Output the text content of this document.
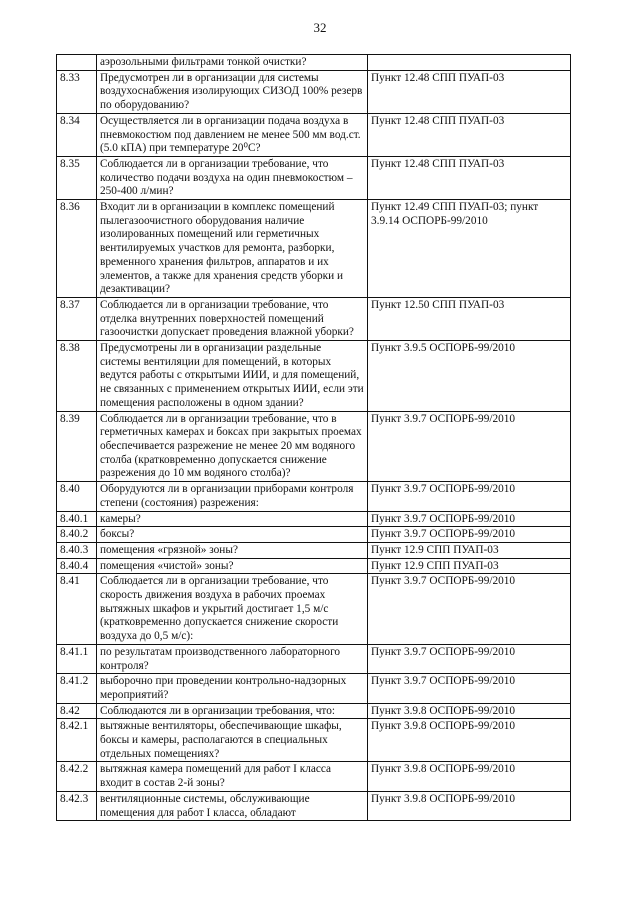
32
	аэрозольными фильтрами тонкой очистки?	
8.33	Предусмотрен ли в организации для системы воздухоснабжения изолирующих СИЗОД 100% резерв по оборудованию?	Пункт 12.48 СПП ПУАП-03
8.34	Осуществляется ли в организации подача воздуха в пневмокостюм под давлением не менее 500 мм вод.ст. (5.0 кПА) при температуре 20⁰С?	Пункт 12.48 СПП ПУАП-03
8.35	Соблюдается ли в организации требование, что количество подачи воздуха на один пневмокостюм – 250-400 л/мин?	Пункт 12.48 СПП ПУАП-03
8.36	Входит ли в организации в комплекс помещений пылегазоочистного оборудования наличие изолированных помещений или герметичных вентилируемых участков для ремонта, разборки, временного хранения фильтров, аппаратов и их элементов, а также для хранения средств уборки и дезактивации?	Пункт 12.49 СПП ПУАП-03; пункт 3.9.14 ОСПОРБ-99/2010
8.37	Соблюдается ли в организации требование, что отделка внутренних поверхностей помещений газоочистки допускает проведения влажной уборки?	Пункт 12.50 СПП ПУАП-03
8.38	Предусмотрены ли в организации раздельные системы вентиляции для помещений, в которых ведутся работы с открытыми ИИИ, и для помещений, не связанных с применением открытых ИИИ, если эти помещения расположены в одном здании?	Пункт 3.9.5 ОСПОРБ-99/2010
8.39	Соблюдается ли в организации требование, что в герметичных камерах и боксах при закрытых проемах обеспечивается разрежение не менее 20 мм водяного столба (кратковременно допускается снижение разрежения до 10 мм водяного столба)?	Пункт 3.9.7 ОСПОРБ-99/2010
8.40	Оборудуются ли в организации приборами контроля степени (состояния) разрежения:	Пункт 3.9.7 ОСПОРБ-99/2010
8.40.1	камеры?	Пункт 3.9.7 ОСПОРБ-99/2010
8.40.2	боксы?	Пункт 3.9.7 ОСПОРБ-99/2010
8.40.3	помещения «грязной» зоны?	Пункт 12.9 СПП ПУАП-03
8.40.4	помещения «чистой» зоны?	Пункт 12.9 СПП ПУАП-03
8.41	Соблюдается ли в организации требование, что скорость движения воздуха в рабочих проемах вытяжных шкафов и укрытий достигает 1,5 м/с (кратковременно допускается снижение скорости воздуха до 0,5 м/с):	Пункт 3.9.7 ОСПОРБ-99/2010
8.41.1	по результатам производственного лабораторного контроля?	Пункт 3.9.7 ОСПОРБ-99/2010
8.41.2	выборочно при проведении контрольно-надзорных мероприятий?	Пункт 3.9.7 ОСПОРБ-99/2010
8.42	Соблюдаются ли в организации требования, что:	Пункт 3.9.8 ОСПОРБ-99/2010
8.42.1	вытяжные вентиляторы, обеспечивающие шкафы, боксы и камеры, располагаются в специальных отдельных помещениях?	Пункт 3.9.8 ОСПОРБ-99/2010
8.42.2	вытяжная камера помещений для работ I класса входит в состав 2-й зоны?	Пункт 3.9.8 ОСПОРБ-99/2010
8.42.3	вентиляционные системы, обслуживающие помещения для работ I класса, обладают	Пункт 3.9.8 ОСПОРБ-99/2010
